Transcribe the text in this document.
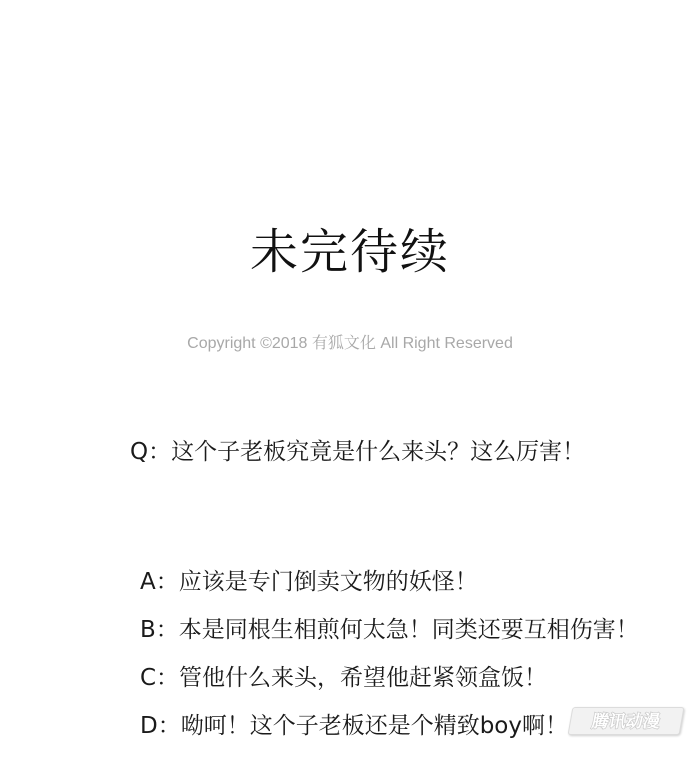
未完待续
Copyright ©2018 有狐文化 All Right Reserved
Q：这个子老板究竟是什么来头？这么厉害！
A：应该是专门倒卖文物的妖怪！
B：本是同根生相煎何太急！同类还要互相伤害！
C：管他什么来头，希望他赶紧领盒饭！
D：呦呵！这个子老板还是个精致boy啊！	腾讯动漫
